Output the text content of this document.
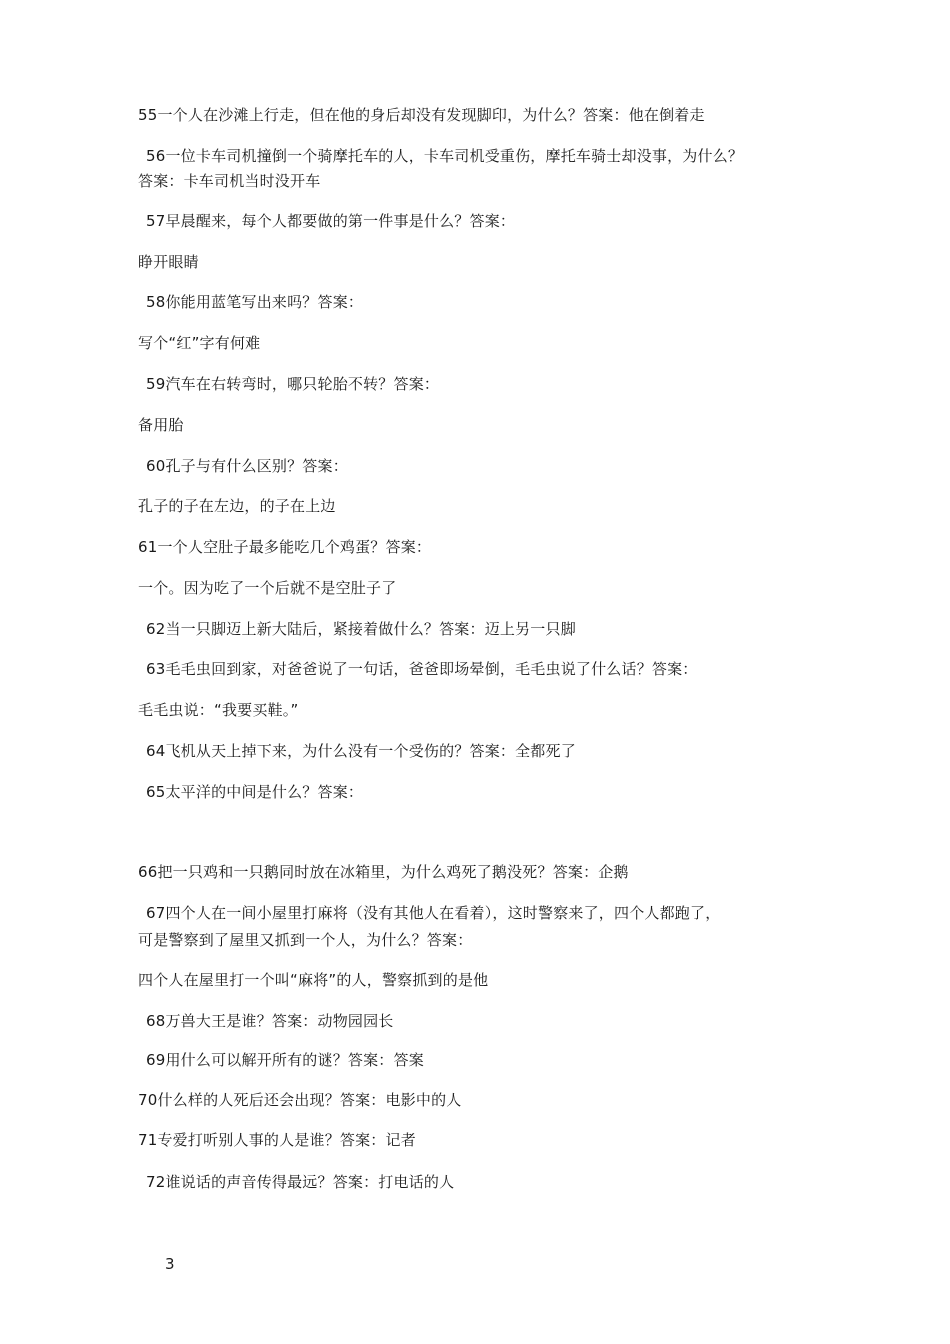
55一个人在沙滩上行走，但在他的身后却没有发现脚印，为什么？答案：他在倒着走
56一位卡车司机撞倒一个骑摩托车的人，卡车司机受重伤，摩托车骑士却没事，为什么？
答案：卡车司机当时没开车
57早晨醒来，每个人都要做的第一件事是什么？答案：
睁开眼睛
58你能用蓝笔写出来吗？答案：
写个“红”字有何难
59汽车在右转弯时，哪只轮胎不转？答案：
备用胎
60孔子与有什么区别？答案：
孔子的子在左边，的子在上边
61一个人空肚子最多能吃几个鸡蛋？答案：
一个。因为吃了一个后就不是空肚子了
62当一只脚迈上新大陆后，紧接着做什么？答案：迈上另一只脚
63毛毛虫回到家，对爸爸说了一句话，爸爸即场晕倒，毛毛虫说了什么话？答案：
毛毛虫说：“我要买鞋。”
64飞机从天上掉下来，为什么没有一个受伤的？答案：全都死了
65太平洋的中间是什么？答案：
66把一只鸡和一只鹅同时放在冰箱里，为什么鸡死了鹅没死？答案：企鹅
67四个人在一间小屋里打麻将（没有其他人在看着），这时警察来了，四个人都跑了，
可是警察到了屋里又抓到一个人，为什么？答案：
四个人在屋里打一个叫“麻将”的人，警察抓到的是他
68万兽大王是谁？答案：动物园园长
69用什么可以解开所有的谜？答案：答案
70什么样的人死后还会出现？答案：电影中的人
71专爱打听别人事的人是谁？答案：记者
72谁说话的声音传得最远？答案：打电话的人
3
